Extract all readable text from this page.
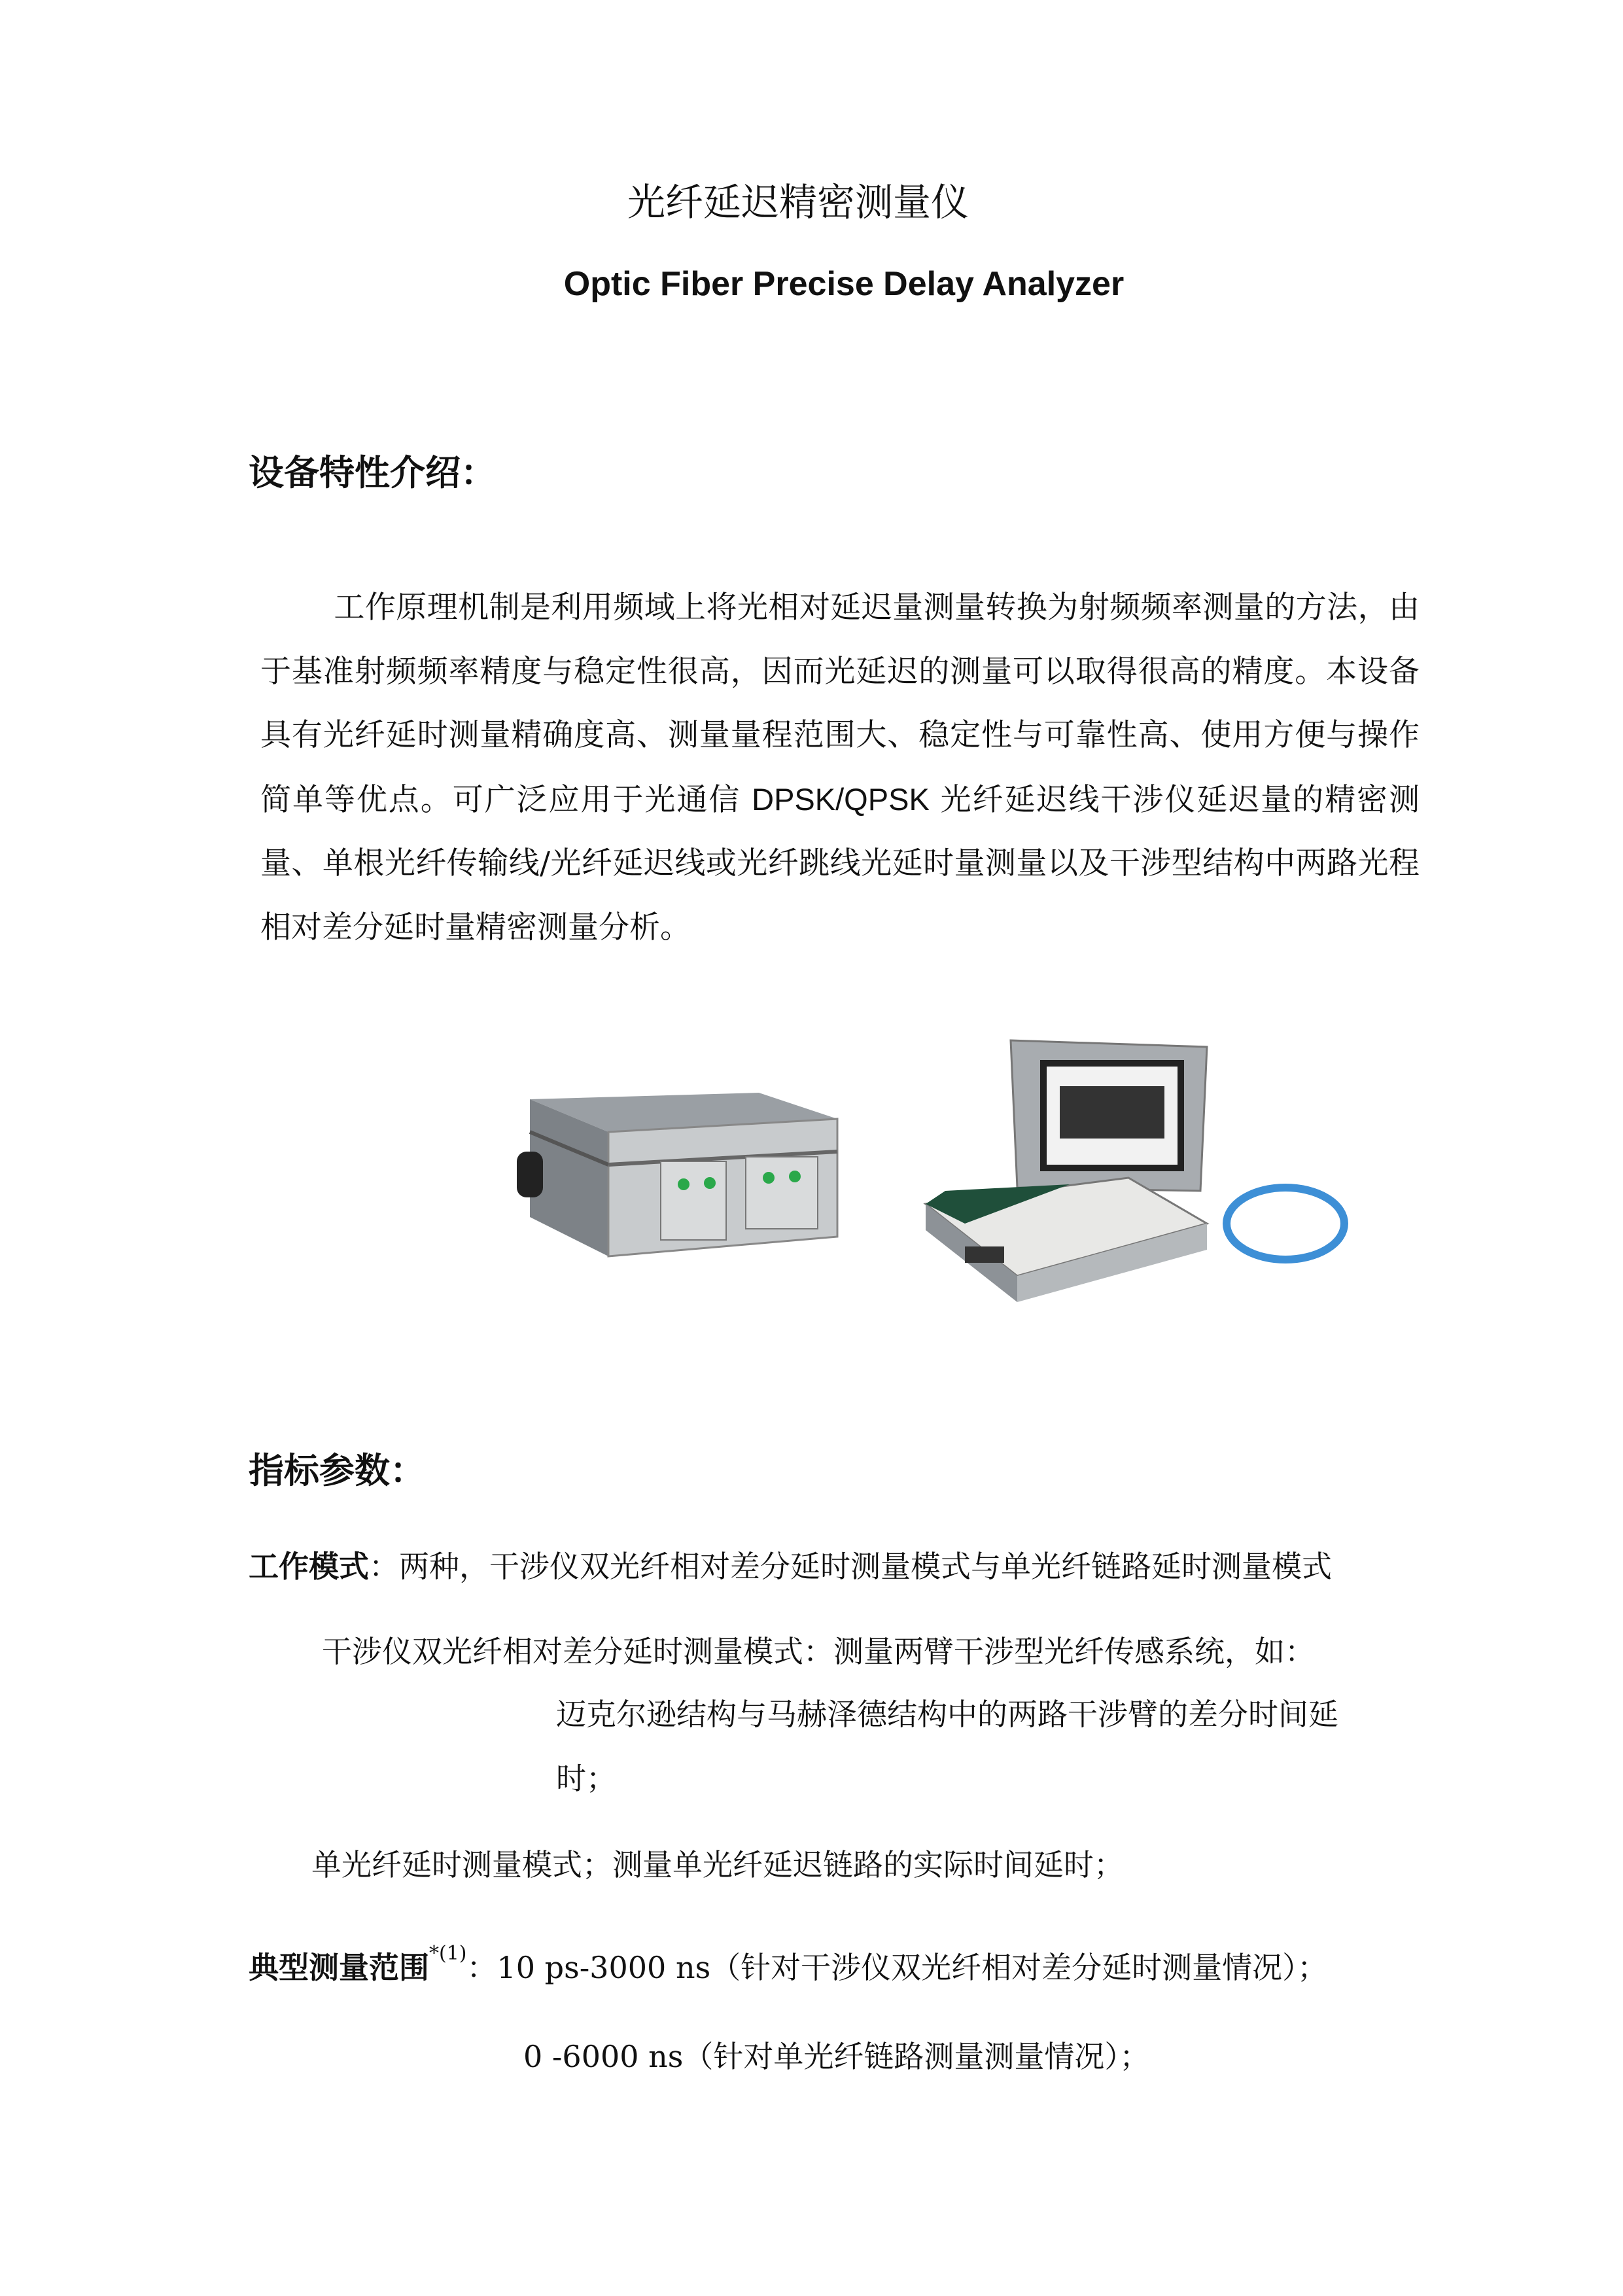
光纤延迟精密测量仪
Optic Fiber Precise Delay Analyzer
设备特性介绍：
工作原理机制是利用频域上将光相对延迟量测量转换为射频频率测量的方法，由于基准射频频率精度与稳定性很高，因而光延迟的测量可以取得很高的精度。本设备具有光纤延时测量精确度高、测量量程范围大、稳定性与可靠性高、使用方便与操作简单等优点。可广泛应用于光通信 DPSK/QPSK 光纤延迟线干涉仪延迟量的精密测量、单根光纤传输线/光纤延迟线或光纤跳线光延时量测量以及干涉型结构中两路光程相对差分延时量精密测量分析。
指标参数：
工作模式：两种，干涉仪双光纤相对差分延时测量模式与单光纤链路延时测量模式
干涉仪双光纤相对差分延时测量模式：测量两臂干涉型光纤传感系统，如：
迈克尔逊结构与马赫泽德结构中的两路干涉臂的差分时间延
时；
单光纤延时测量模式；测量单光纤延迟链路的实际时间延时；
典型测量范围$^{*(1)}$：10 ps-3000 ns（针对干涉仪双光纤相对差分延时测量情况）；
0 -6000 ns（针对单光纤链路测量测量情况）；
